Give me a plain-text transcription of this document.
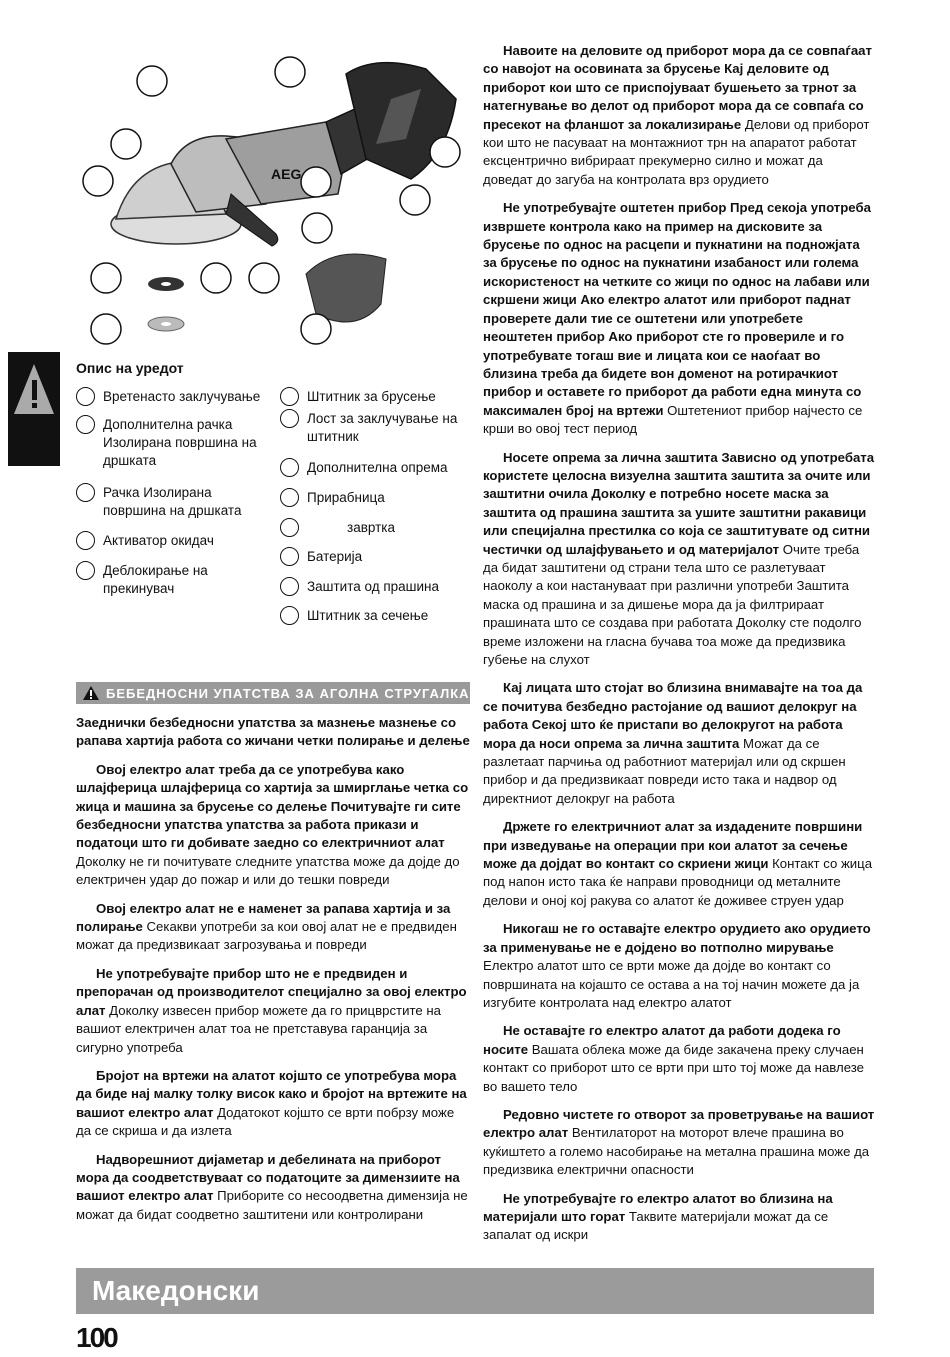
AEG
Опис на уредот
Вретенасто заклучување
Дополнителна рачка Изолирана површина на дршката
Рачка Изолирана површина на дршката
Активатор окидач
Деблокирање на прекинувач
Штитник за брусење
Лост за заклучување на штитник
Дополнителна опрема
Прирабница
завртка
Батерија
Заштита од прашина
Штитник за сечење
БЕБЕДНОСНИ УПАТСТВА ЗА АГОЛНА СТРУГАЛКА

Заеднички безбедносни упатства за мазнење мазнење со рапава хартија работа со жичани четки полирање и делење

Овој електро алат треба да се употребува како шлајферица шлајферица со хартија за шмирглање четка со жица и машина за брусење со делење Почитувајте ги сите безбедносни упатства упатства за работа прикази и податоци што ги добивате заедно со електричниот алат Доколку не ги почитувате следните упатства може да дојде до електричен удар до пожар и или до тешки повреди

Овој електро алат не е наменет за рапава хартија и за полирање Секакви употреби за кои овој алат не е предвиден можат да предизвикаат загрозувања и повреди

Не употребувајте прибор што не е предвиден и препорачан од производителот специјално за овој електро алат Доколку извесен прибор можете да го прицврстите на вашиот електричен алат тоа не претставува гаранција за сигурно употреба

Бројот на вртежи на алатот којшто се употребува мора да биде нај малку толку висок како и бројот на вртежите на вашиот електро алат Додатокот којштo се врти побрзу може да се скриша и да излета

Надворешниот дијаметар и дебелината на приборот мора да соодветствуваат со податоците за димензиите на вашиот електро алат Приборите со несоодветна димензија не можат да бидат соодветно заштитени или контролирани

Навоите на деловите од приборот мора да се совпаѓаат со навојот на осовината за брусење Кај деловите од приборот кои што се приспојуваат бушењето за трнот за натегнување во делот од приборот мора да се совпаѓа со пресекот на фланшот за локализирање Делови од прибoрот кои што не пасуваат на монтажниот трн на апаратот работат ексцентрично вибрираат прекумерно силно и можат да доведат до загуба на контролата врз орудието

Не употребувајте оштетен прибор Пред секоја употреба извршете контрола како на пример на дисковите за брусење по однос на расцепи и пукнатини на подножјата за брусење по однос на пукнатини изабаност или голема искористеност на четките со жици по однос на лабави или скршени жици Ако електро алатот или приборот паднат проверете дали тие се оштетени или употребете неоштетен прибор Ако приборот сте го провериле и го употребувате тогаш вие и лицата кои се наоѓаат во близина треба да бидете вон доменот на ротирачкиот прибор и оставете го приборот да работи една минута со максимален број на вртежи Оштетениот прибор најчесто се крши во овој тест период

Носете опрема за лична заштита Зависно од употребата користете целосна визуелна заштита заштита за очите или заштитни очила Доколку е потребно носете маска за заштита од прашина заштита за ушите заштитни ракавици или специјална престилка со која се заштитувате од ситни честички од шлајфувањето и од материјалот Очите треба да бидат заштитени од страни тела што се разлетуваат наоколу а кои настануваат при различни употреби Заштита маска од прашина и за дишење мора да ја филтрираат прашината што се создава при работата Доколку сте подолго време изложени на гласна бучава тоа може да предизвика губење на слухот

Кај лицата што стојат во близина внимавајте на тоа да се почитува безбедно растојание од вашиот делокруг на работа Секој што ќе пристапи во делокругот на работа мора да носи опрема за лична заштита Можат да се разлетаат парчиња од работниот материјал или од скршен прибор и да предизвикаат повреди исто така и надвор од директниот делокруг на работа

Држете го електричниот алат за издадените површини при изведување на операции при кои алатот за сечење може да дојдат во контакт со скриени жици Контакт со жица под напон исто така ќе направи проводници од металните делови и оној кој ракува со алатот ќе доживее струен удар

Никогаш не го оставајте електро орудието ако орудието за применување не е дојдено во потполно мирување Електро алатот што се врти може да дојде во контакт со површината на којашто се остава а на тој начин можете да ја изгубите контролата над електро алатот

Не оставајте го електро алатот да работи додека го носите Вашата облека може да биде закачена преку случаен контакт со приборот што се врти при што тој може да навлезе во вашето тело

Редовно чистете го отворот за проветрување на вашиот електро алат Вентилаторот на моторот влече прашина во куќиштето а големо насобирање на метална прашина може да предизвика електрични опасности

Не употребувајте го електро алатот во близина на материјали што горат Таквите материјали можат да се запалат од искри

Македонски
100
